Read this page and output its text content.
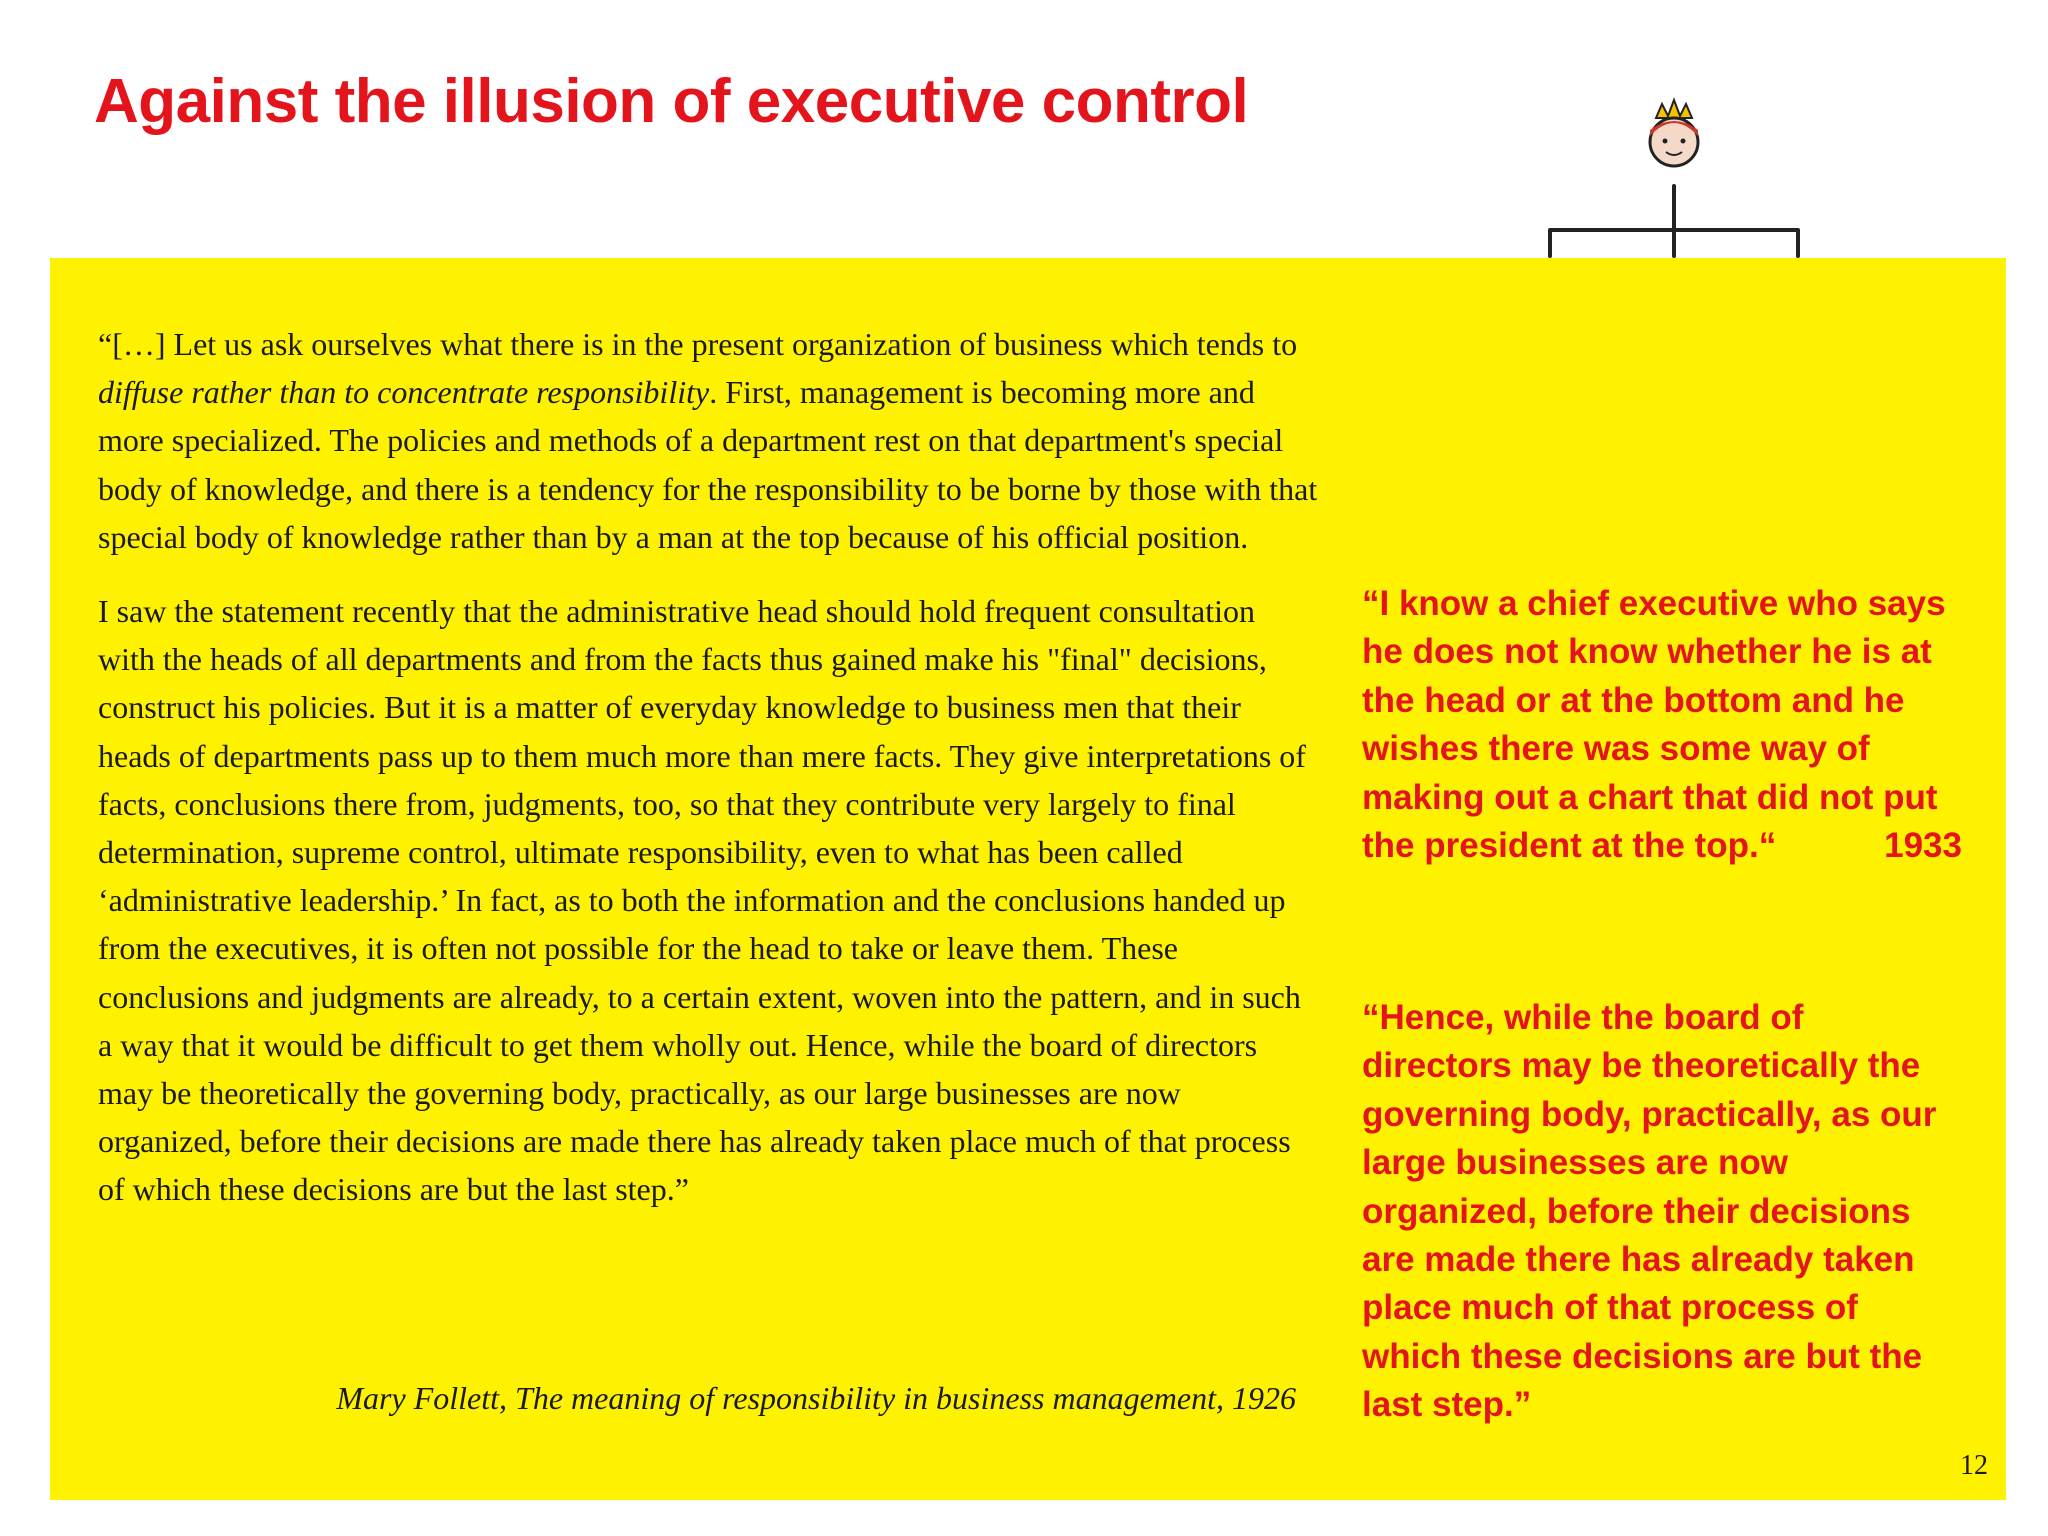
Against the illusion of executive control

“[…] Let us ask ourselves what there is in the present organization of business which tends to diffuse rather than to concentrate responsibility. First, management is becoming more and more specialized. The policies and methods of a department rest on that department's special body of knowledge, and there is a tendency for the responsibility to be borne by those with that special body of knowledge rather than by a man at the top because of his official position.

I saw the statement recently that the administrative head should hold frequent consultation with the heads of all departments and from the facts thus gained make his "final" decisions, construct his policies. But it is a matter of everyday knowledge to business men that their heads of departments pass up to them much more than mere facts. They give interpretations of facts, conclusions there from, judgments, too, so that they contribute very largely to final determination, supreme control, ultimate responsibility, even to what has been called ‘administrative leadership.’ In fact, as to both the information and the conclusions handed up from the executives, it is often not possible for the head to take or leave them. These conclusions and judgments are already, to a certain extent, woven into the pattern, and in such a way that it would be difficult to get them wholly out. Hence, while the board of directors may be theoretically the governing body, practically, as our large businesses are now organized, before their decisions are made there has already taken place much of that process of which these decisions are but the last step.”

Mary Follett, The meaning of responsibility in business management, 1926
“I know a chief executive who says he does not know whether he is at the head or at the bottom and he wishes there was some way of making out a chart that did not put the president at the top.“	1933
“Hence, while the board of directors may be theoretically the governing body, practically, as our large businesses are now organized, before their decisions are made there has already taken place much of that process of which these decisions are but the last step.”
12
